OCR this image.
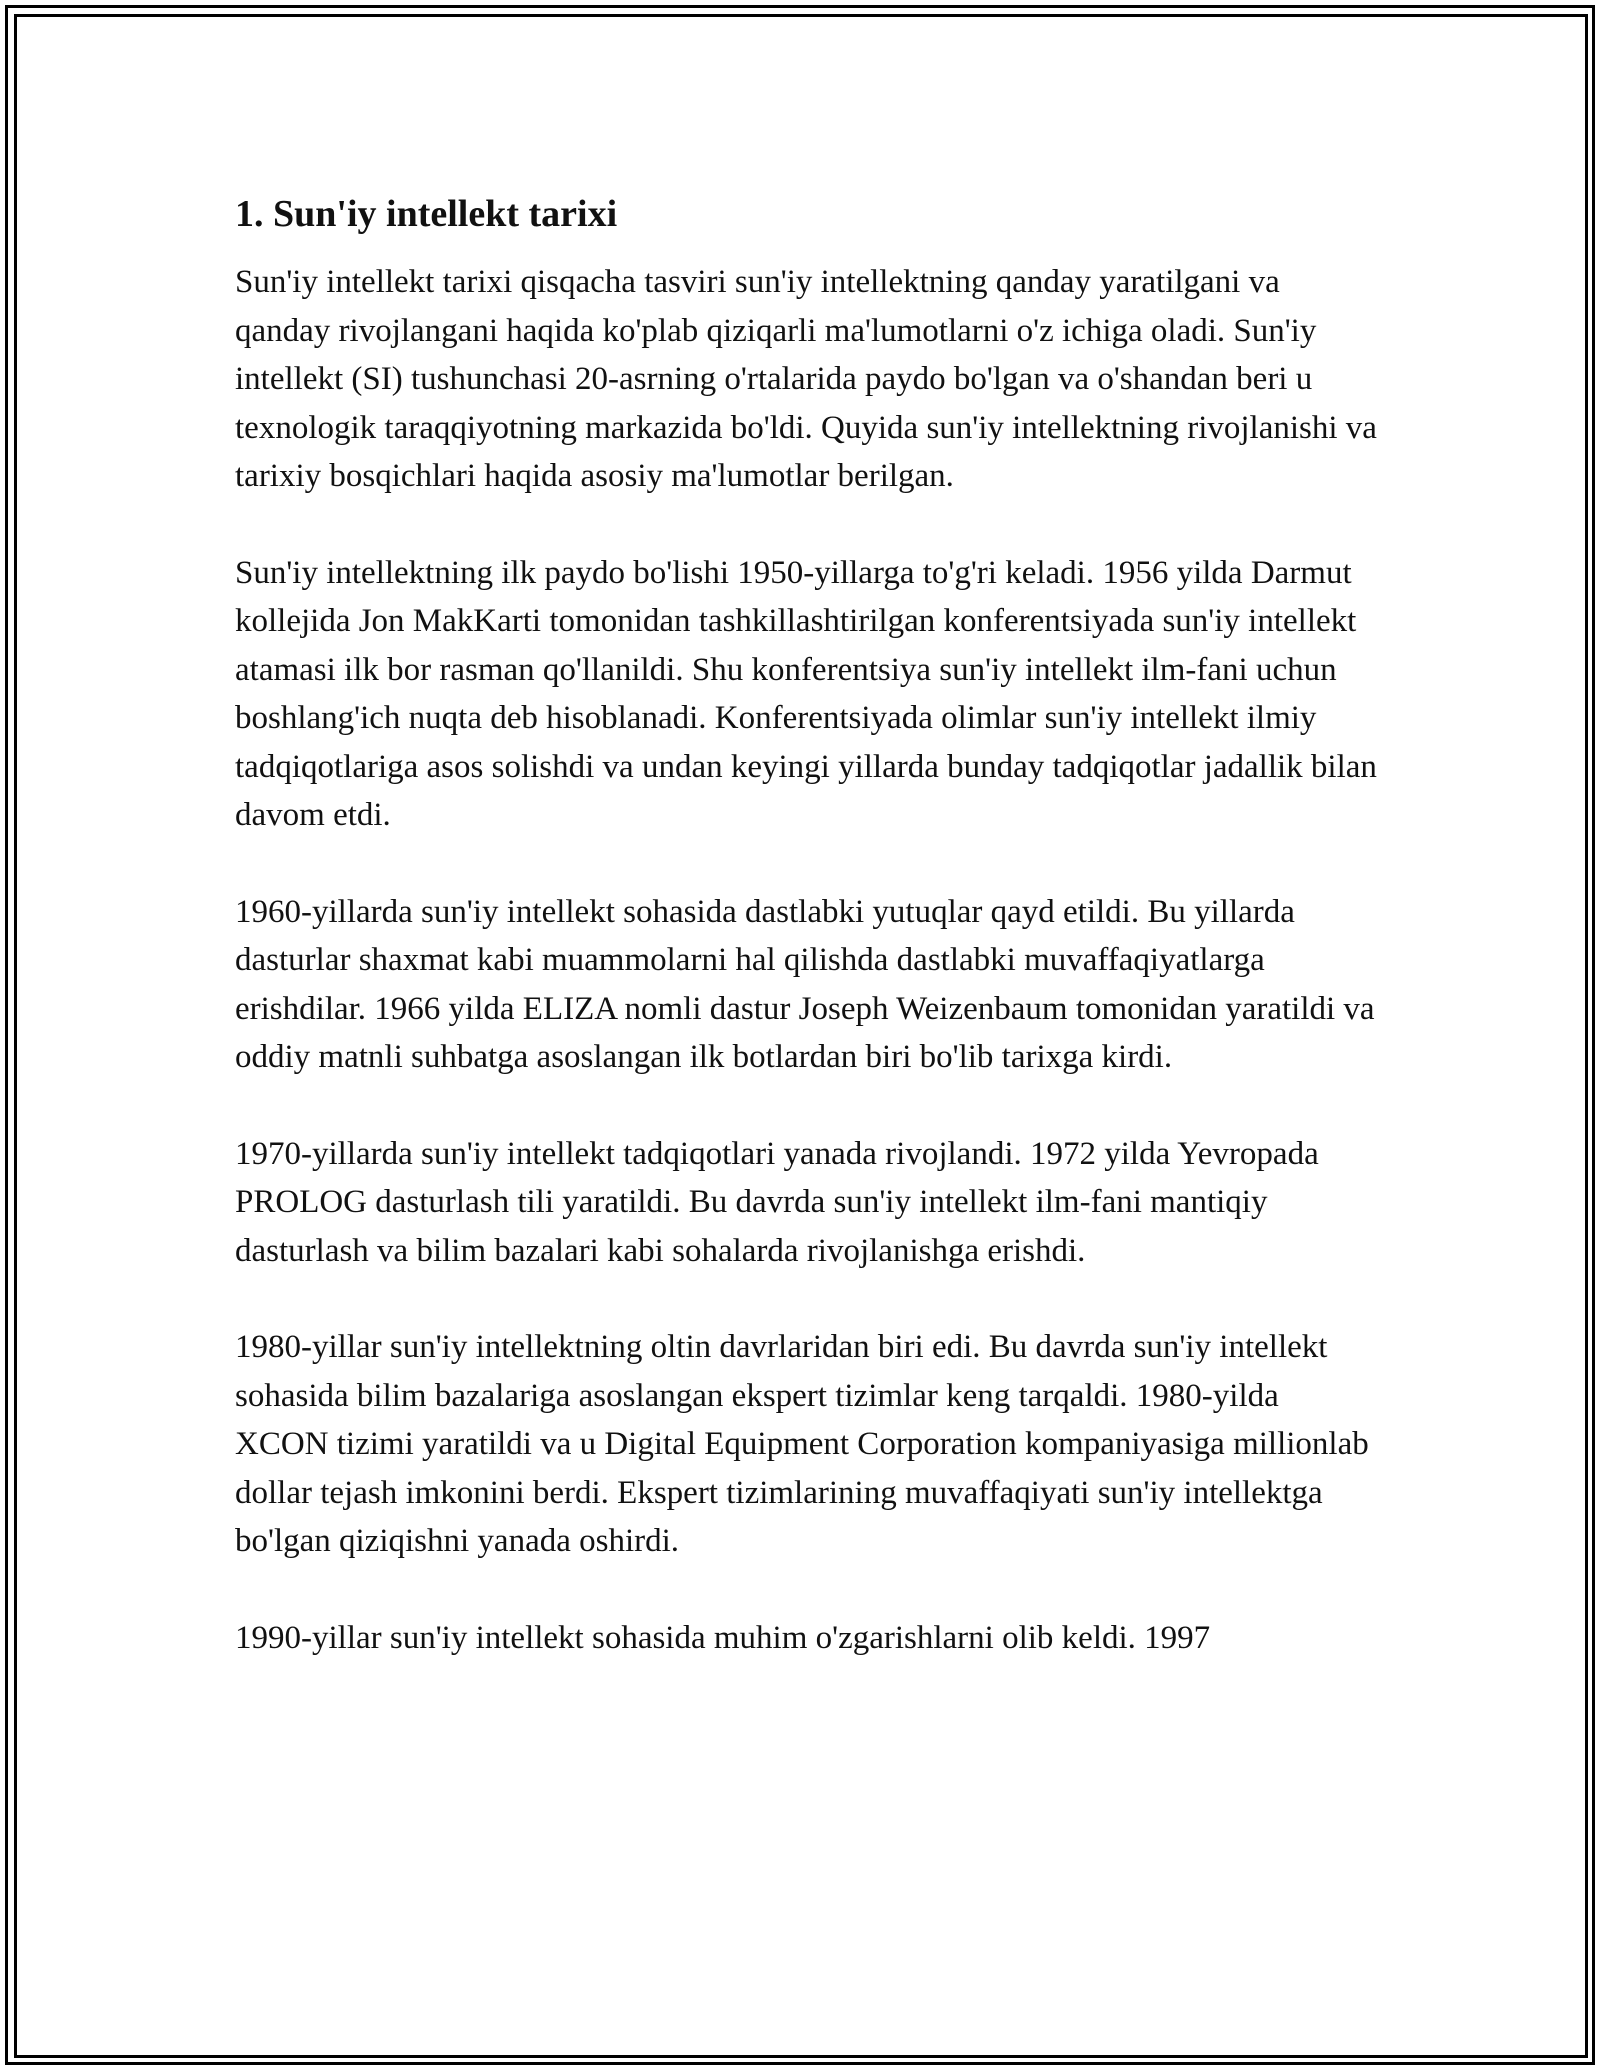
1. Sun'iy intellekt tarixi

Sun'iy intellekt tarixi qisqacha tasviri sun'iy intellektning qanday yaratilgani va qanday rivojlangani haqida ko'plab qiziqarli ma'lumotlarni o'z ichiga oladi. Sun'iy intellekt (SI) tushunchasi 20-asrning o'rtalarida paydo bo'lgan va o'shandan beri u texnologik taraqqiyotning markazida bo'ldi. Quyida sun'iy intellektning rivojlanishi va tarixiy bosqichlari haqida asosiy ma'lumotlar berilgan.

Sun'iy intellektning ilk paydo bo'lishi 1950-yillarga to'g'ri keladi. 1956 yilda Darmut kollejida Jon MakKarti tomonidan tashkillashtirilgan konferentsiyada sun'iy intellekt atamasi ilk bor rasman qo'llanildi. Shu konferentsiya sun'iy intellekt ilm-fani uchun boshlang'ich nuqta deb hisoblanadi. Konferentsiyada olimlar sun'iy intellekt ilmiy tadqiqotlariga asos solishdi va undan keyingi yillarda bunday tadqiqotlar jadallik bilan davom etdi.

1960-yillarda sun'iy intellekt sohasida dastlabki yutuqlar qayd etildi. Bu yillarda dasturlar shaxmat kabi muammolarni hal qilishda dastlabki muvaffaqiyatlarga erishdilar. 1966 yilda ELIZA nomli dastur Joseph Weizenbaum tomonidan yaratildi va oddiy matnli suhbatga asoslangan ilk botlardan biri bo'lib tarixga kirdi.

1970-yillarda sun'iy intellekt tadqiqotlari yanada rivojlandi. 1972 yilda Yevropada PROLOG dasturlash tili yaratildi. Bu davrda sun'iy intellekt ilm-fani mantiqiy dasturlash va bilim bazalari kabi sohalarda rivojlanishga erishdi.

1980-yillar sun'iy intellektning oltin davrlaridan biri edi. Bu davrda sun'iy intellekt sohasida bilim bazalariga asoslangan ekspert tizimlar keng tarqaldi. 1980-yilda XCON tizimi yaratildi va u Digital Equipment Corporation kompaniyasiga millionlab dollar tejash imkonini berdi. Ekspert tizimlarining muvaffaqiyati sun'iy intellektga bo'lgan qiziqishni yanada oshirdi.

1990-yillar sun'iy intellekt sohasida muhim o'zgarishlarni olib keldi. 1997
